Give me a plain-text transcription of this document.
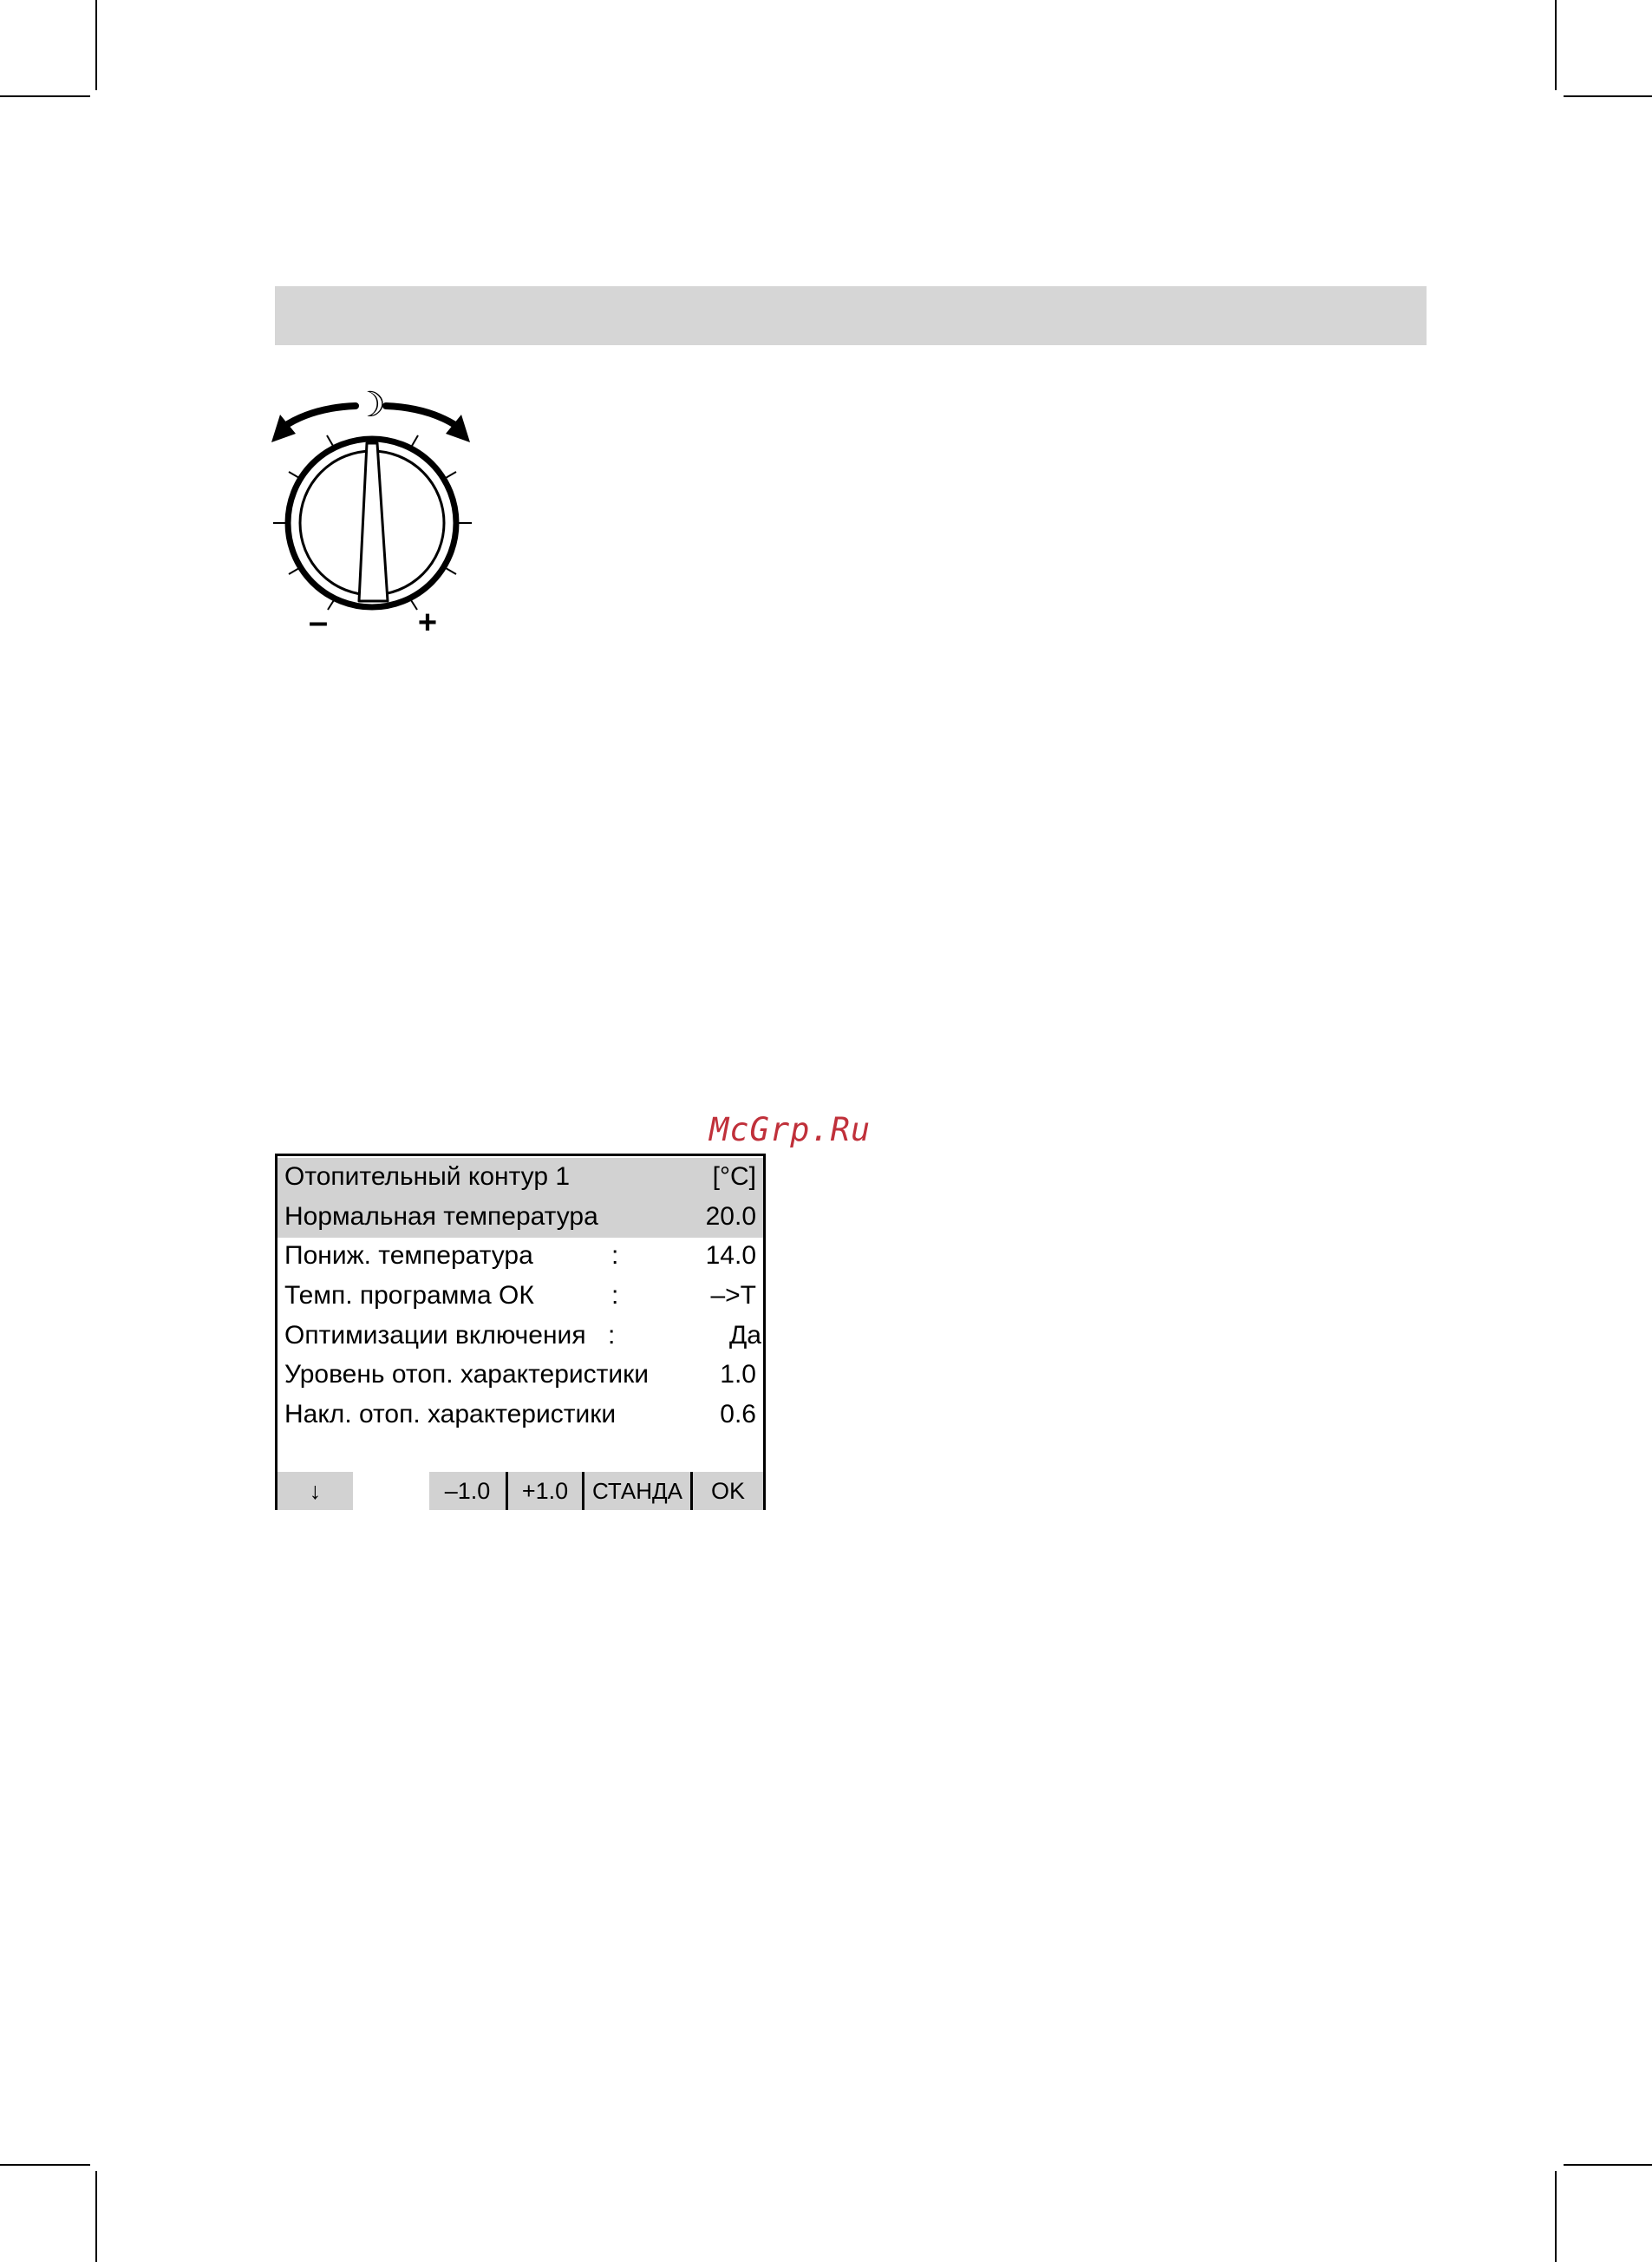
☽
–	+
McGrp.Ru
Отопительный контур 1	[°C]
Нормальная температура	20.0
Пониж. температура	:	14.0
Темп. программа ОК	:	–>T
Оптимизации включения :	Да
Уровень отоп. характеристики	1.0
Накл. отоп. характеристики	0.6
↓	–1.0	+1.0	СТАНДА	OK
